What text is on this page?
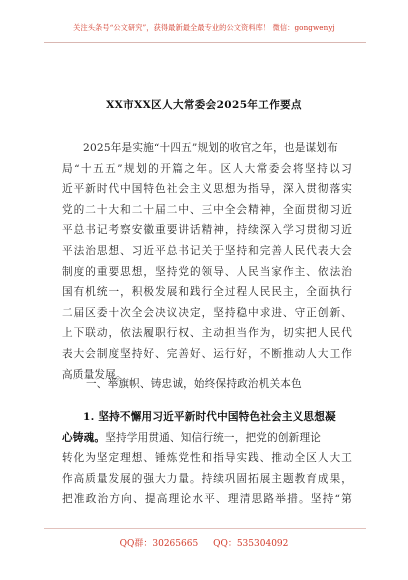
关注头条号“公文研究”，获得最新最全最专业的公文资料库！ 微信：gongwenyj
XX市XX区人大常委会2025年工作要点
2025年是实施“十四五”规划的收官之年，也是谋划布
局“十五五”规划的开篇之年。区人大常委会将坚持以习
近平新时代中国特色社会主义思想为指导，深入贯彻落实
党的二十大和二十届二中、三中全会精神，全面贯彻习近
平总书记考察安徽重要讲话精神，持续深入学习贯彻习近
平法治思想、习近平总书记关于坚持和完善人民代表大会
制度的重要思想，坚持党的领导、人民当家作主、依法治
国有机统一，积极发展和践行全过程人民民主，全面执行
二届区委十次全会决议决定，坚持稳中求进、守正创新、
上下联动，依法履职行权、主动担当作为，切实把人民代
表大会制度坚持好、完善好、运行好，不断推动人大工作
高质量发展。
一、举旗帜、铸忠诚，始终保持政治机关本色
1. 坚持不懈用习近平新时代中国特色社会主义思想凝
心铸魂。坚持学用贯通、知信行统一，把党的创新理论
转化为坚定理想、锤炼党性和指导实践、推动全区人大工
作高质量发展的强大力量。持续巩固拓展主题教育成果，
把准政治方向、提高理论水平、理清思路举措。坚持“第
QQ群：30265665 QQ：535304092
